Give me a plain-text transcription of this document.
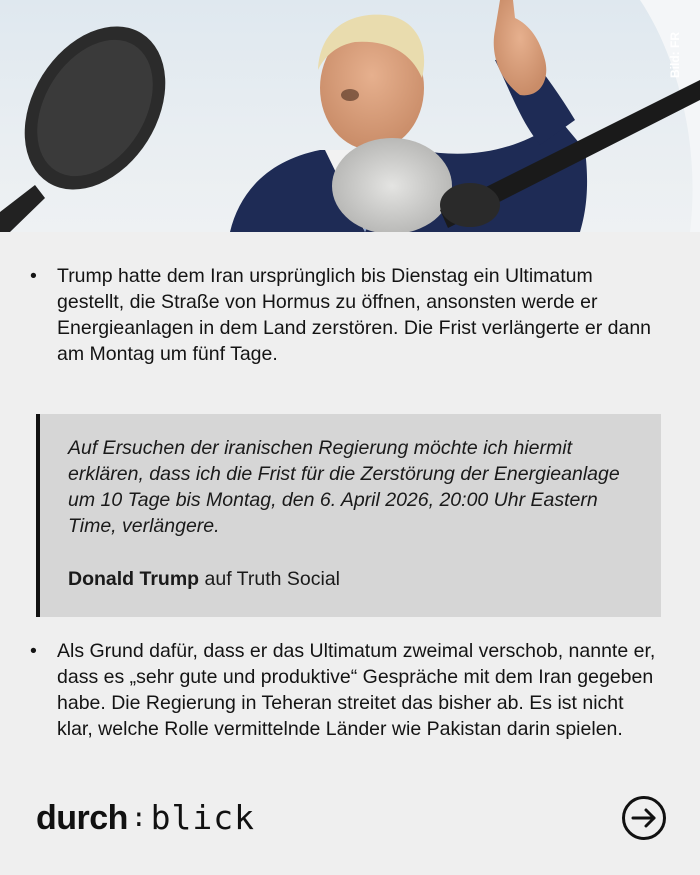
Bild: FR
•	Trump hatte dem Iran ursprünglich bis Dienstag ein Ultimatum gestellt, die Straße von Hormus zu öffnen, ansonsten werde er Energieanlagen in dem Land zerstören. Die Frist verlängerte er dann am Montag um fünf Tage.
Auf Ersuchen der iranischen Regierung möchte ich hiermit erklären, dass ich die Frist für die Zerstörung der Energieanlage um 10 Tage bis Montag, den 6. April 2026, 20:00 Uhr Eastern Time, verlängere.
Donald Trump auf Truth Social
•	Als Grund dafür, dass er das Ultimatum zweimal verschob, nannte er, dass es „sehr gute und produktive“ Gespräche mit dem Iran gegeben habe. Die Regierung in Teheran streitet das bisher ab. Es ist nicht klar, welche Rolle vermittelnde Länder wie Pakistan darin spielen.
durch : blick
